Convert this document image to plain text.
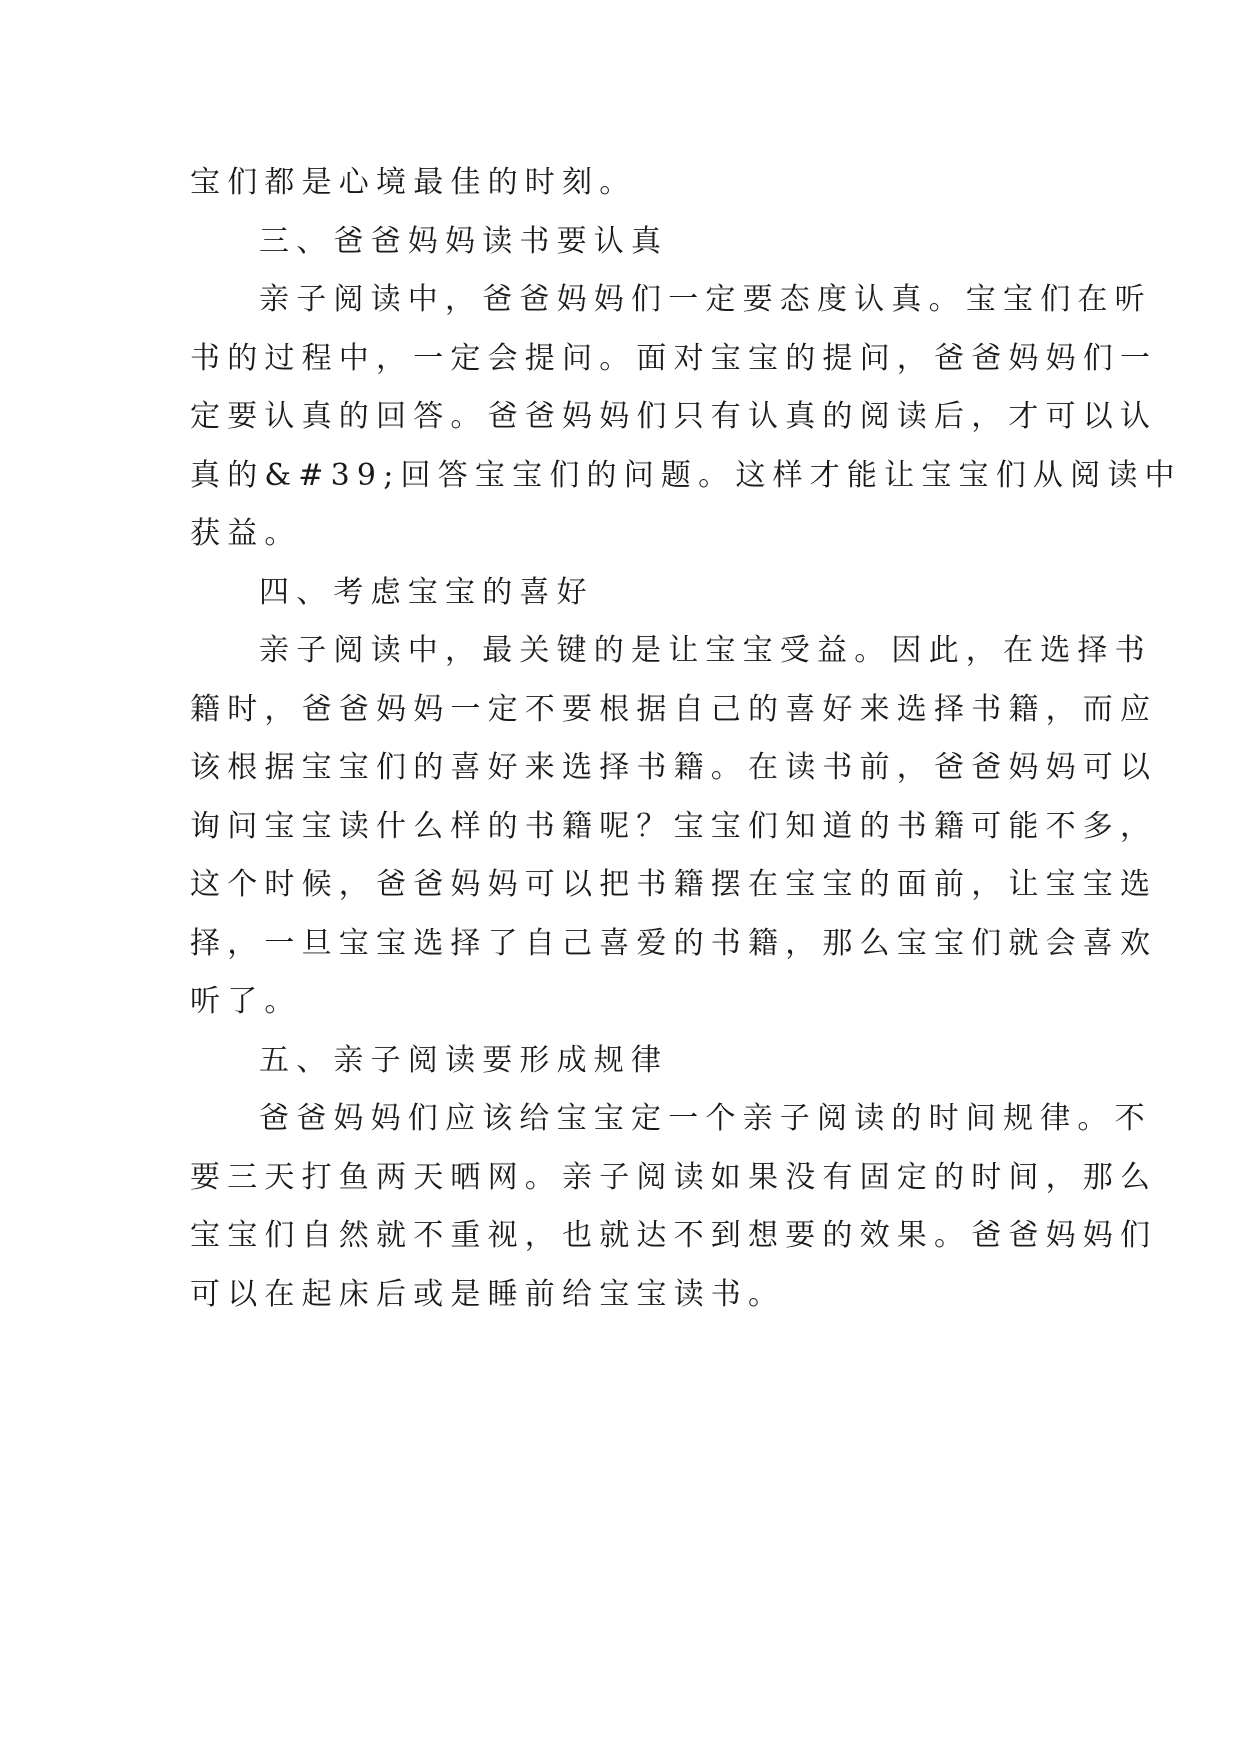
宝们都是心境最佳的时刻。
三、爸爸妈妈读书要认真
亲子阅读中，爸爸妈妈们一定要态度认真。宝宝们在听
书的过程中，一定会提问。面对宝宝的提问，爸爸妈妈们一
定要认真的回答。爸爸妈妈们只有认真的阅读后，才可以认
真的&#39;回答宝宝们的问题。这样才能让宝宝们从阅读中
获益。
四、考虑宝宝的喜好
亲子阅读中，最关键的是让宝宝受益。因此，在选择书
籍时，爸爸妈妈一定不要根据自己的喜好来选择书籍，而应
该根据宝宝们的喜好来选择书籍。在读书前，爸爸妈妈可以
询问宝宝读什么样的书籍呢？宝宝们知道的书籍可能不多，
这个时候，爸爸妈妈可以把书籍摆在宝宝的面前，让宝宝选
择，一旦宝宝选择了自己喜爱的书籍，那么宝宝们就会喜欢
听了。
五、亲子阅读要形成规律
爸爸妈妈们应该给宝宝定一个亲子阅读的时间规律。不
要三天打鱼两天晒网。亲子阅读如果没有固定的时间，那么
宝宝们自然就不重视，也就达不到想要的效果。爸爸妈妈们
可以在起床后或是睡前给宝宝读书。
